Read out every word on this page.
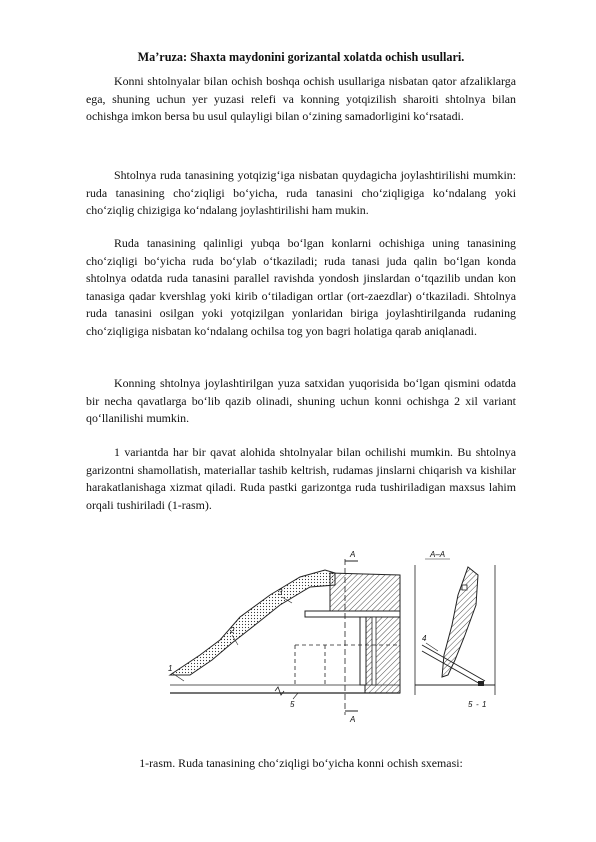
Ma’ruza: Shaxta maydonini gorizantal xolatda ochish usullari.

Konni shtolnyalar bilan ochish boshqa ochish usullariga nisbatan qator afzaliklarga ega, shuning uchun yer yuzasi relefi va konning yotqizilish sharoiti shtolnya bilan ochishga imkon bersa bu usul qulayligi bilan o‘zining samadorligini ko‘rsatadi.

Shtolnya ruda tanasining yotqizig‘iga nisbatan quydagicha joylashtirilishi mumkin: ruda tanasining cho‘ziqligi bo‘yicha, ruda tanasini cho‘ziqligiga ko‘ndalang yoki cho‘ziqlig chizigiga ko‘ndalang joylashtirilishi ham mukin.

Ruda tanasining qalinligi yubqa bo‘lgan konlarni ochishiga uning tanasining cho‘ziqligi bo‘yicha ruda bo‘ylab o‘tkaziladi; ruda tanasi juda qalin bo‘lgan konda shtolnya odatda ruda tanasini parallel ravishda yondosh jinslardan o‘tqazilib undan kon tanasiga qadar kvershlag yoki kirib o‘tiladigan ortlar (ort-zaezdlar) o‘tkaziladi. Shtolnya ruda tanasini osilgan yoki yotqizilgan yonlaridan biriga joylashtirilganda rudaning cho‘ziqligiga nisbatan ko‘ndalang ochilsa tog yon bagri holatiga qarab aniqlanadi.

Konning shtolnya joylashtirilgan yuza satxidan yuqorisida bo‘lgan qismini odatda bir necha qavatlarga bo‘lib qazib olinadi, shuning uchun konni ochishga 2 xil variant qo‘llanilishi mumkin.

1 variantda har bir qavat alohida shtolnyalar bilan ochilishi mumkin. Bu shtolnya garizontni shamollatish, materiallar tashib keltrish, rudamas jinslarni chiqarish va kishilar harakatlanishaga xizmat qiladi. Ruda pastki garizontga ruda tushiriladigan maxsus lahim orqali tushiriladi (1-rasm).

A
A
1
2
3
5
A–A
4
5 - 1
1-rasm. Ruda tanasining cho‘ziqligi bo‘yicha konni ochish sxemasi:
